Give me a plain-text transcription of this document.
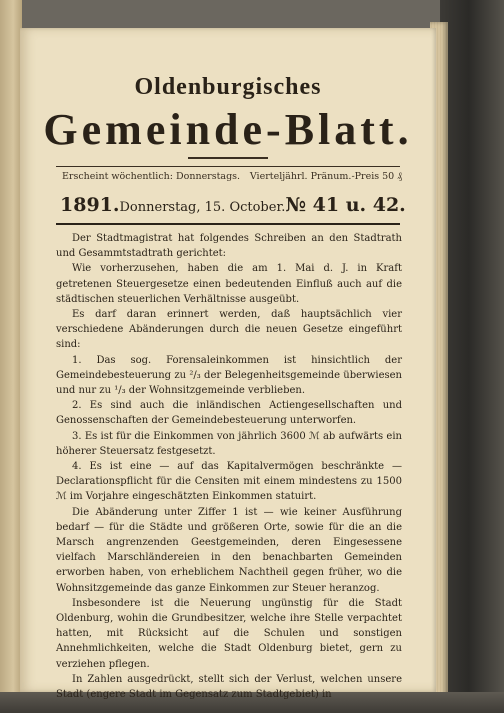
Oldenburgisches
Gemeinde-Blatt.
Erscheint wöchentlich: Donnerstags. Vierteljährl. Pränum.-Preis 50 ₰
1891. Donnerstag, 15. October. № 41 u. 42.

Der Stadtmagistrat hat folgendes Schreiben an den Stadtrath und Gesammtstadtrath gerichtet:

Wie vorherzusehen, haben die am 1. Mai d. J. in Kraft getretenen Steuergesetze einen bedeutenden Einfluß auch auf die städtischen steuerlichen Verhältnisse ausgeübt.

Es darf daran erinnert werden, daß hauptsächlich vier verschiedene Abänderungen durch die neuen Gesetze eingeführt sind:

1. Das sog. Forensaleinkommen ist hinsichtlich der Gemeindebesteuerung zu ²/₃ der Belegenheitsgemeinde überwiesen und nur zu ¹/₃ der Wohnsitzgemeinde verblieben.

2. Es sind auch die inländischen Actiengesellschaften und Genossenschaften der Gemeindebesteuerung unterworfen.

3. Es ist für die Einkommen von jährlich 3600 ℳ ab aufwärts ein höherer Steuersatz festgesetzt.

4. Es ist eine — auf das Kapitalvermögen beschränkte — Declarationspflicht für die Censiten mit einem mindestens zu 1500 ℳ im Vorjahre eingeschätzten Einkommen statuirt.

Die Abänderung unter Ziffer 1 ist — wie keiner Ausführung bedarf — für die Städte und größeren Orte, sowie für die an die Marsch angrenzenden Geestgemeinden, deren Eingesessene vielfach Marschländereien in den benachbarten Gemeinden erworben haben, von erheblichem Nachtheil gegen früher, wo die Wohnsitzgemeinde das ganze Einkommen zur Steuer heranzog.

Insbesondere ist die Neuerung ungünstig für die Stadt Oldenburg, wohin die Grundbesitzer, welche ihre Stelle verpachtet hatten, mit Rücksicht auf die Schulen und sonstigen Annehmlichkeiten, welche die Stadt Oldenburg bietet, gern zu verziehen pflegen.

In Zahlen ausgedrückt, stellt sich der Verlust, welchen unsere Stadt (engere Stadt im Gegensatz zum Stadtgebiet) in
